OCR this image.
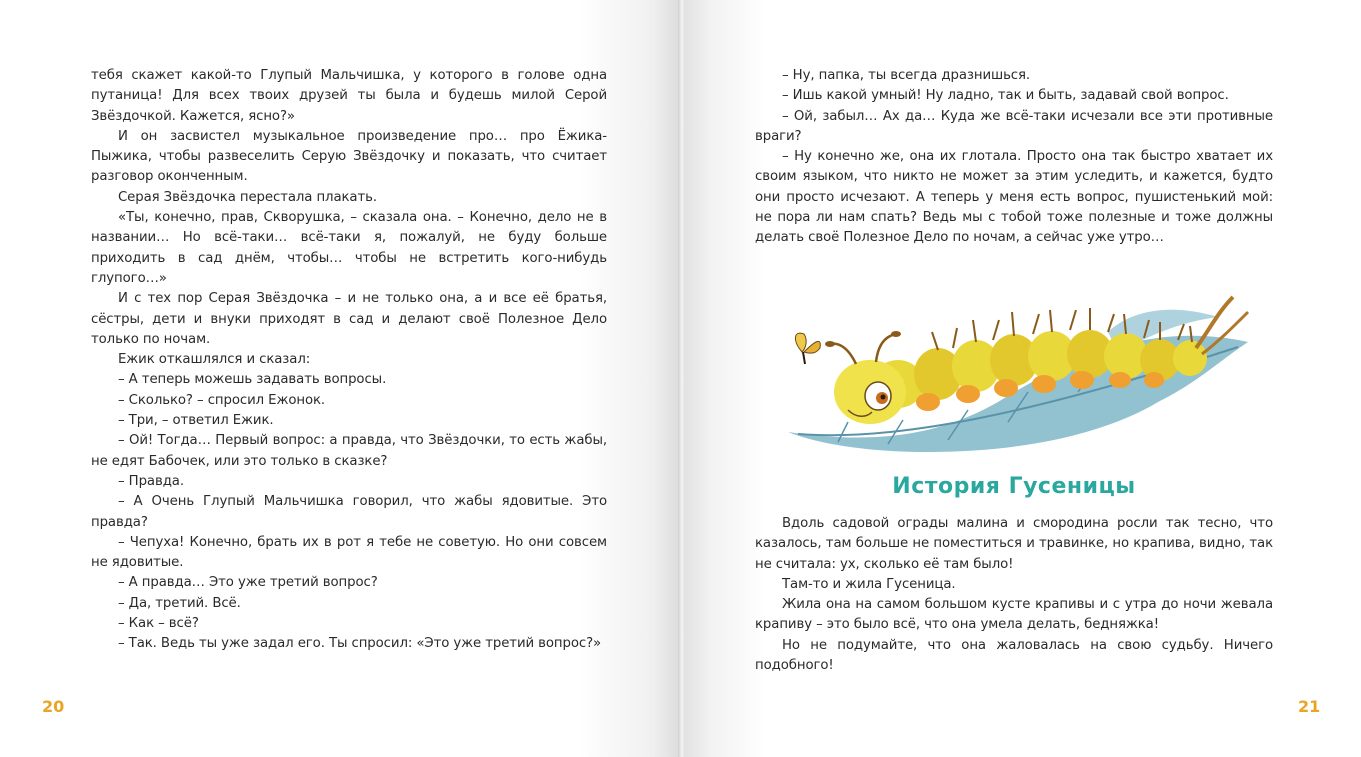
тебя скажет какой-то Глупый Мальчишка, у которого в голове одна путаница! Для всех твоих друзей ты была и будешь милой Серой Звёздочкой. Кажется, ясно?»

И он засвистел музыкальное произведение про… про Ёжика-Пыжика, чтобы развеселить Серую Звёздочку и показать, что считает разговор оконченным.

Серая Звёздочка перестала плакать.

«Ты, конечно, прав, Скворушка, – сказала она. – Конечно, дело не в названии… Но всё-таки… всё-таки я, пожалуй, не буду больше приходить в сад днём, чтобы… чтобы не встретить кого-нибудь глупого…»

И с тех пор Серая Звёздочка – и не только она, а и все её братья, сёстры, дети и внуки приходят в сад и делают своё Полезное Дело только по ночам.

Ежик откашлялся и сказал:

– А теперь можешь задавать вопросы.

– Сколько? – спросил Ежонок.

– Три, – ответил Ежик.

– Ой! Тогда… Первый вопрос: а правда, что Звёздочки, то есть жабы, не едят Бабочек, или это только в сказке?

– Правда.

– А Очень Глупый Мальчишка говорил, что жабы ядовитые. Это правда?

– Чепуха! Конечно, брать их в рот я тебе не советую. Но они совсем не ядовитые.

– А правда… Это уже третий вопрос?

– Да, третий. Всё.

– Как – всё?

– Так. Ведь ты уже задал его. Ты спросил: «Это уже третий вопрос?»

20

– Ну, папка, ты всегда дразнишься.

– Ишь какой умный! Ну ладно, так и быть, задавай свой вопрос.

– Ой, забыл… Ах да… Куда же всё-таки исчезали все эти противные враги?

– Ну конечно же, она их глотала. Просто она так быстро хватает их своим языком, что никто не может за этим уследить, и кажется, будто они просто исчезают. А теперь у меня есть вопрос, пушистенький мой: не пора ли нам спать? Ведь мы с тобой тоже полезные и тоже должны делать своё Полезное Дело по ночам, а сейчас уже утро…

История Гусеницы

Вдоль садовой ограды малина и смородина росли так тесно, что казалось, там больше не поместиться и травинке, но крапива, видно, так не считала: ух, сколько её там было!

Там-то и жила Гусеница.

Жила она на самом большом кусте крапивы и с утра до ночи жевала крапиву – это было всё, что она умела делать, бедняжка!

Но не подумайте, что она жаловалась на свою судьбу. Ничего подобного!

21
